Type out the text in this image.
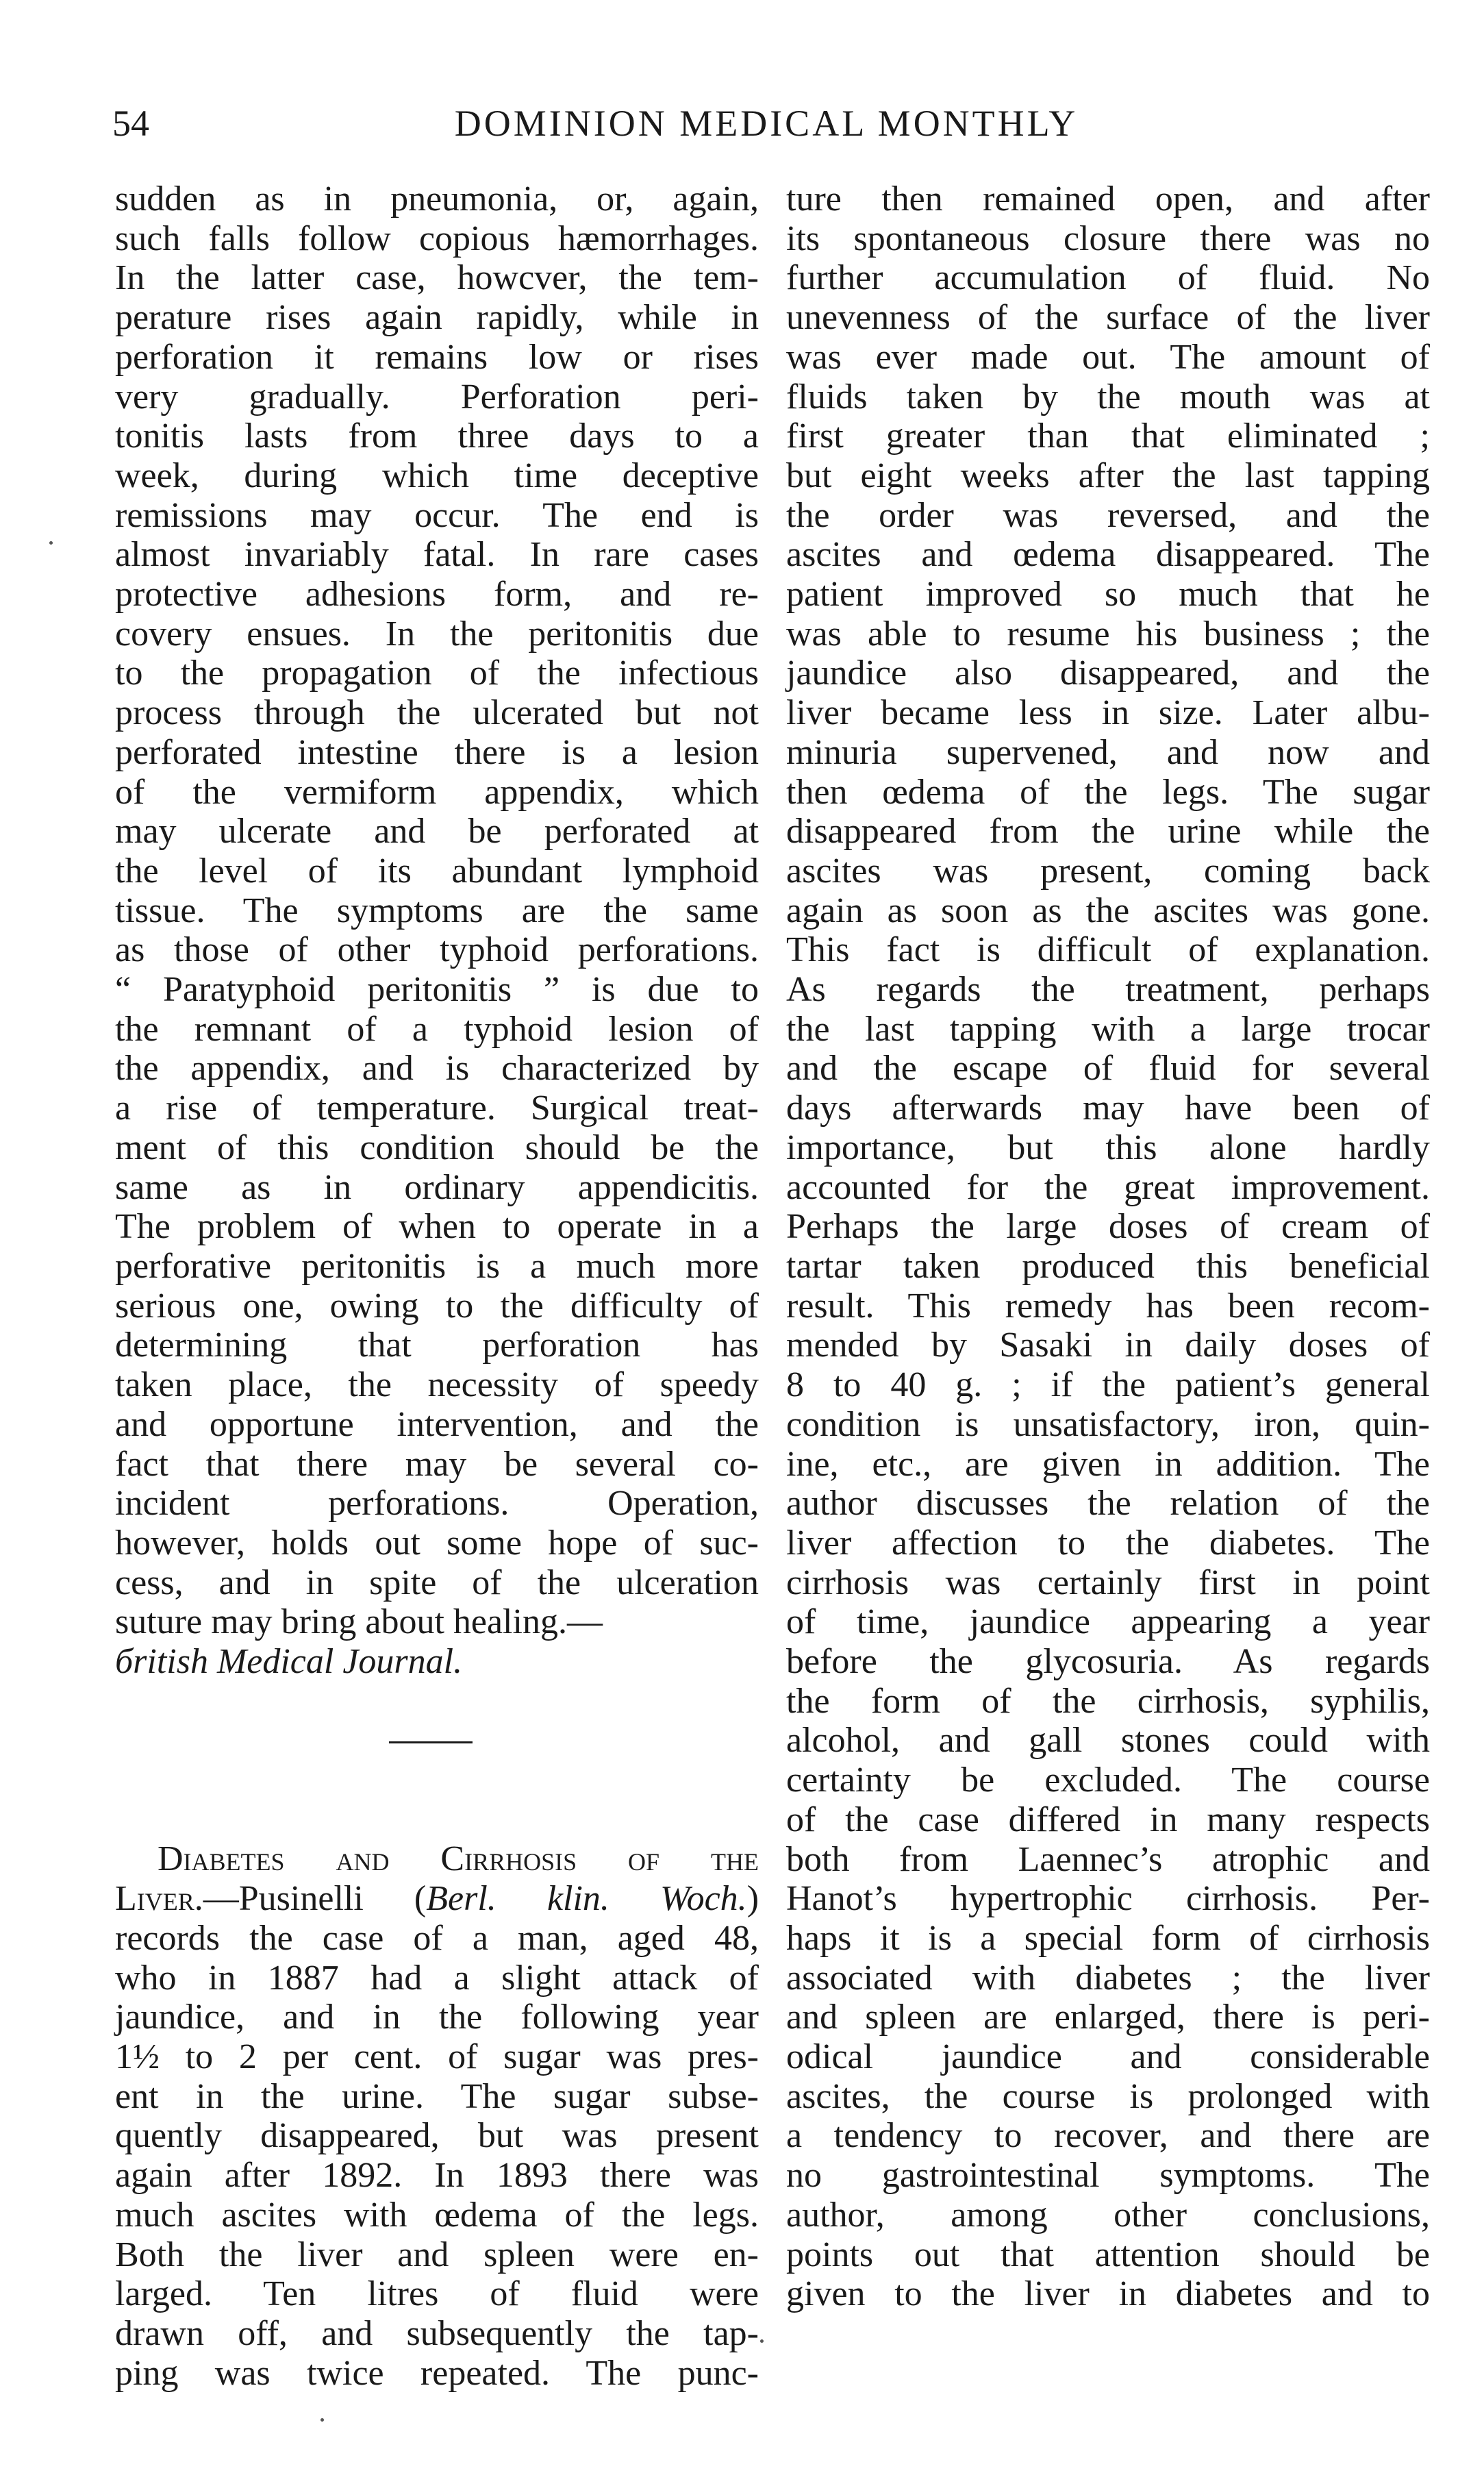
54	DOMINION MEDICAL MONTHLY
sudden as in pneumonia, or, again,
such falls follow copious hæmorrhages.
In the latter case, howcver, the tem-
perature rises again rapidly, while in
perforation it remains low or rises
very gradually. Perforation peri-
tonitis lasts from three days to a
week, during which time deceptive
remissions may occur. The end is
almost invariably fatal. In rare cases
protective adhesions form, and re-
covery ensues. In the peritonitis due
to the propagation of the infectious
process through the ulcerated but not
perforated intestine there is a lesion
of the vermiform appendix, which
may ulcerate and be perforated at
the level of its abundant lymphoid
tissue. The symptoms are the same
as those of other typhoid perforations.
“ Paratyphoid peritonitis ” is due to
the remnant of a typhoid lesion of
the appendix, and is characterized by
a rise of temperature. Surgical treat-
ment of this condition should be the
same as in ordinary appendicitis.
The problem of when to operate in a
perforative peritonitis is a much more
serious one, owing to the difficulty of
determining that perforation has
taken place, the necessity of speedy
and opportune intervention, and the
fact that there may be several co-
incident perforations. Operation,
however, holds out some hope of suc-
cess, and in spite of the ulceration
suture may bring about healing.—
бritish Medical Journal.
Diabetes and Cirrhosis of the
Liver.—Pusinelli (Berl. klin. Woch.)
records the case of a man, aged 48,
who in 1887 had a slight attack of
jaundice, and in the following year
1½ to 2 per cent. of sugar was pres-
ent in the urine. The sugar subse-
quently disappeared, but was present
again after 1892. In 1893 there was
much ascites with œdema of the legs.
Both the liver and spleen were en-
larged. Ten litres of fluid were
drawn off, and subsequently the tap-
ping was twice repeated. The punc-
ture then remained open, and after
its spontaneous closure there was no
further accumulation of fluid. No
unevenness of the surface of the liver
was ever made out. The amount of
fluids taken by the mouth was at
first greater than that eliminated ;
but eight weeks after the last tapping
the order was reversed, and the
ascites and œdema disappeared. The
patient improved so much that he
was able to resume his business ; the
jaundice also disappeared, and the
liver became less in size. Later albu-
minuria supervened, and now and
then œdema of the legs. The sugar
disappeared from the urine while the
ascites was present, coming back
again as soon as the ascites was gone.
This fact is difficult of explanation.
As regards the treatment, perhaps
the last tapping with a large trocar
and the escape of fluid for several
days afterwards may have been of
importance, but this alone hardly
accounted for the great improvement.
Perhaps the large doses of cream of
tartar taken produced this beneficial
result. This remedy has been recom-
mended by Sasaki in daily doses of
8 to 40 g. ; if the patient’s general
condition is unsatisfactory, iron, quin-
ine, etc., are given in addition. The
author discusses the relation of the
liver affection to the diabetes. The
cirrhosis was certainly first in point
of time, jaundice appearing a year
before the glycosuria. As regards
the form of the cirrhosis, syphilis,
alcohol, and gall stones could with
certainty be excluded. The course
of the case differed in many respects
both from Laennec’s atrophic and
Hanot’s hypertrophic cirrhosis. Per-
haps it is a special form of cirrhosis
associated with diabetes ; the liver
and spleen are enlarged, there is peri-
odical jaundice and considerable
ascites, the course is prolonged with
a tendency to recover, and there are
no gastrointestinal symptoms. The
author, among other conclusions,
points out that attention should be
given to the liver in diabetes and to
